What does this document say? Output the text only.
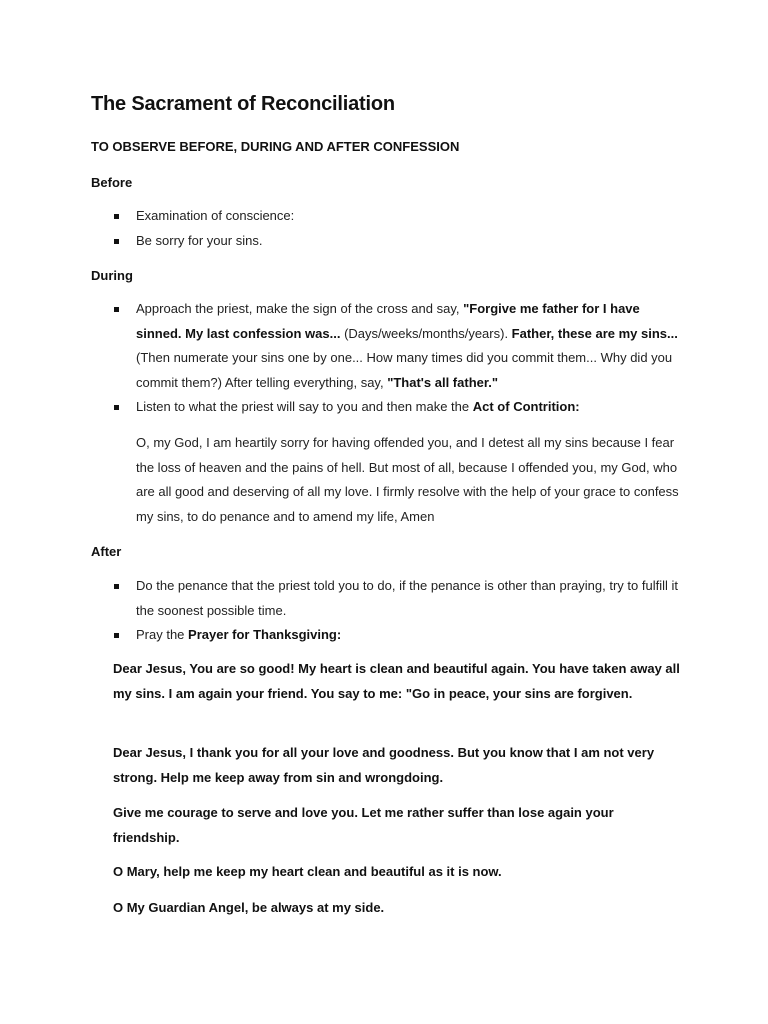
The Sacrament of Reconciliation
TO OBSERVE BEFORE, DURING AND AFTER CONFESSION
Before
Examination of conscience:
Be sorry for your sins.
During
Approach the priest, make the sign of the cross and say, "Forgive me father for I have sinned. My last confession was... (Days/weeks/months/years). Father, these are my sins... (Then numerate your sins one by one... How many times did you commit them... Why did you commit them?) After telling everything, say, "That's all father."
Listen to what the priest will say to you and then make the Act of Contrition:

O, my God, I am heartily sorry for having offended you, and I detest all my sins because I fear the loss of heaven and the pains of hell. But most of all, because I offended you, my God, who are all good and deserving of all my love. I firmly resolve with the help of your grace to confess my sins, to do penance and to amend my life, Amen

After
Do the penance that the priest told you to do, if the penance is other than praying, try to fulfill it the soonest possible time.
Pray the Prayer for Thanksgiving:

Dear Jesus, You are so good! My heart is clean and beautiful again. You have taken away all my sins. I am again your friend. You say to me: "Go in peace, your sins are forgiven.

Dear Jesus, I thank you for all your love and goodness. But you know that I am not very strong. Help me keep away from sin and wrongdoing.

Give me courage to serve and love you. Let me rather suffer than lose again your friendship.

O Mary, help me keep my heart clean and beautiful as it is now.

O My Guardian Angel, be always at my side.
